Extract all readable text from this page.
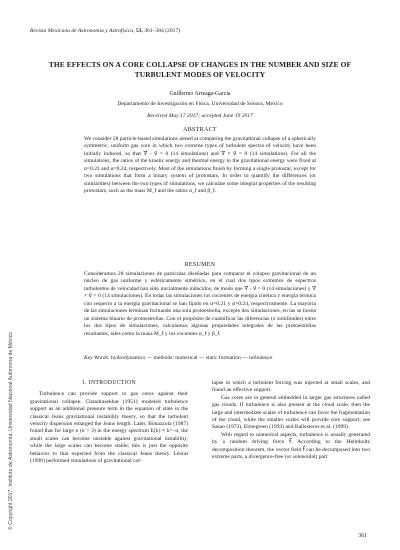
© Copyright 2017: Instituto de Astronomía, Universidad Nacional Autónoma de México
Revista Mexicana de Astronomía y Astrofísica, 53, 361–384 (2017)
THE EFFECTS ON A CORE COLLAPSE OF CHANGES IN THE NUMBER AND SIZE OF TURBULENT MODES OF VELOCITY
Guillermo Arreaga-García
Departamento de Investigación en Física, Universidad de Sonora, México
Received May 17 2017; accepted June 19 2017
ABSTRACT
We consider 28 particle-based simulations aimed at comparing the gravitational collapse of a spherically symmetric, uniform gas core in which two extreme types of turbulent spectra of velocity have been initially induced, so that ∇ · v⃗ = 0 (14 simulations) and ∇ × v⃗ = 0 (14 simulations). For all the simulations, the ratios of the kinetic energy and thermal energy to the gravitational energy were fixed at α=0.21 and α=0.24, respectively. Most of the simulations finish by forming a single protostar, except for two simulations that form a binary system of protostars. In order to quantify the differences (or similarities) between the two types of simulations, we calculate some integral properties of the resulting protostars, such as the mass M_f and the ratios α_f and β_f.
RESUMEN
Consideramos 28 simulaciones de partículas diseñadas para comparar el colapso gravitacional de un núcleo de gas uniforme y esféricamente simétrico, en el cual dos tipos extremos de espectros turbulentos de velocidad han sido inicialmente inducidos, de modo que ∇ · v⃗ = 0 (14 simulaciones) y ∇ × v⃗ = 0 (14 simulaciones). En todas las simulaciones los cocientes de energía cinética y energía térmica con respecto a la energía gravitacional se han fijado en α=0.21 y α=0.24, respectivamente. La mayoría de las simulaciones terminan formando una sola protoestrella, excepto dos simulaciones, en las se forma un sistema binario de protoestrellas. Con el propósito de cuantificar las diferencias (o similitudes) entre los dos tipos de simulaciones, calculamos algunas propiedades integrales de las protoestrellas resultantes, tales como la masa M_f y los cocientes α_f y β_f.
Key Words: hydrodynamics — methods: numerical — stars: formation — turbulence
1. INTRODUCTION

Turbulence can provide support to gas cores against their gravitational collapse. Chandrasekhar (1951) modeled turbulence support as an additional pressure term in the equation of state in the classical Jeans gravitational instability theory, so that the turbulent velocity dispersion enlarged the Jeans length. Later, Bonazzola (1987) found that for large n (n > 3) in the energy spectrum E(k) ≈ k^−n, the small scales can become unstable against gravitational instability, while the large scales can become stable; this is just the opposite behavior to that expected from the classical Jeans theory. Léorat (1990) performed simulations of gravitational col-

lapse in which a turbulent forcing was injected at small scales, and found an effective support.

Gas cores are in general embedded in larger gas structures called gas clouds. If turbulence is also present at the cloud scale, then the large and intermediate scales of turbulence can favor the fragmentation of the cloud, while the smaller scales will provide core support; see Sasao (1973), Elmegreen (1993) and Ballesteros et al. (1999).

With regard to numerical aspects, turbulence is usually generated by a random driving force f⃗. According to the Helmholtz decomposition theorem, the vector field f⃗ can be decomposed into two extreme parts, a divergence-free (or solenoidal) part

361
